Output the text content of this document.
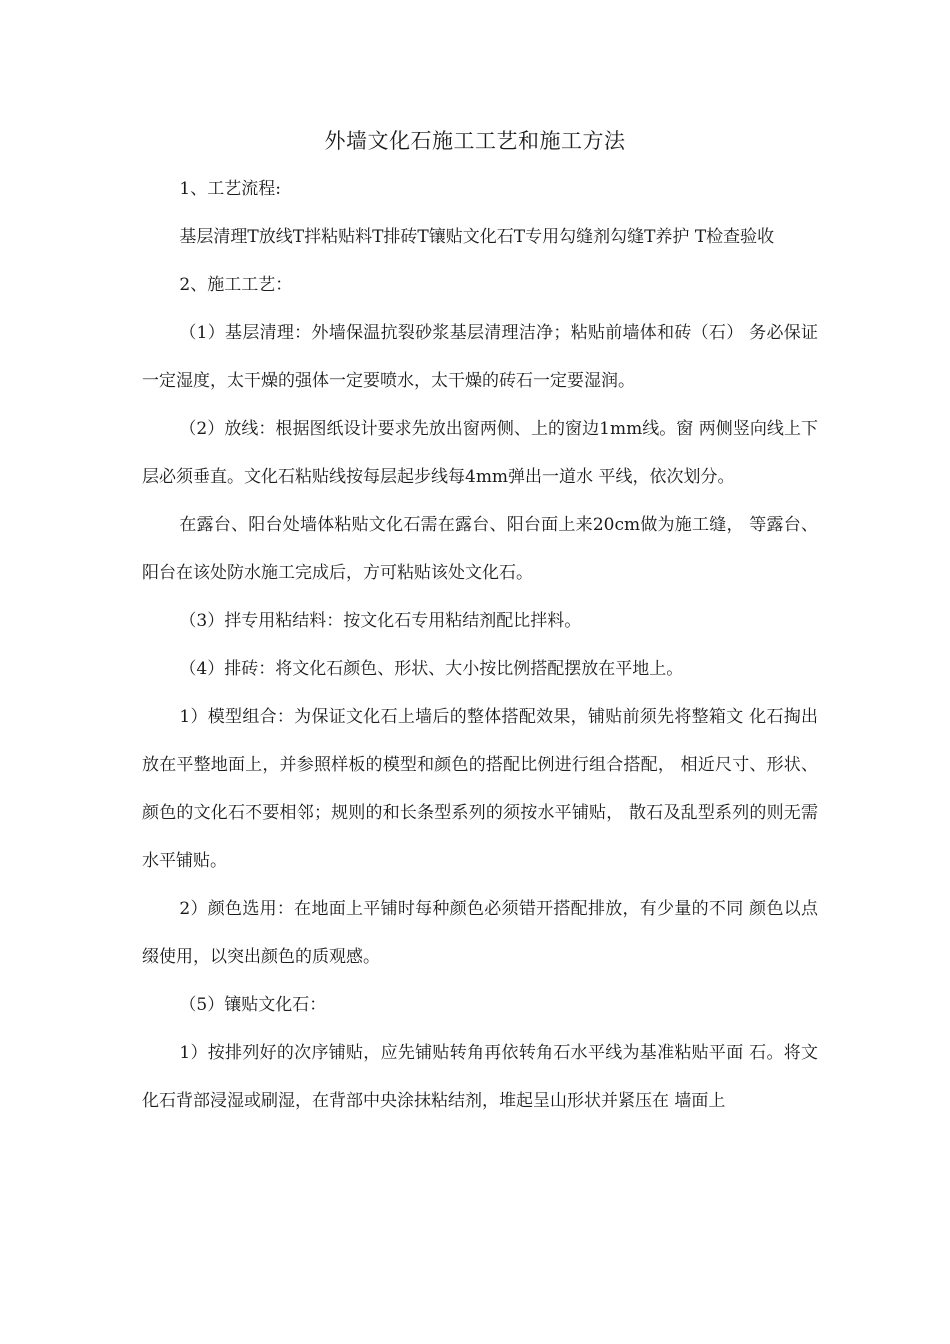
外墙文化石施工工艺和施工方法

1、工艺流程:

基层清理T放线T拌粘贴料T排砖T镶贴文化石T专用勾缝剂勾缝T养护 T检查验收

2、施工工艺：

（1）基层清理：外墙保温抗裂砂浆基层清理洁净；粘贴前墙体和砖（石） 务必保证一定湿度，太干燥的强体一定要喷水，太干燥的砖石一定要湿润。

（2）放线：根据图纸设计要求先放出窗两侧、上的窗边1mm线。窗 两侧竖向线上下层必须垂直。文化石粘贴线按每层起步线每4mm弹出一道水 平线，依次划分。

在露台、阳台处墙体粘贴文化石需在露台、阳台面上来20cm做为施工缝， 等露台、阳台在该处防水施工完成后，方可粘贴该处文化石。

（3）拌专用粘结料：按文化石专用粘结剂配比拌料。

（4）排砖：将文化石颜色、形状、大小按比例搭配摆放在平地上。

1）模型组合：为保证文化石上墙后的整体搭配效果，铺贴前须先将整箱文 化石掏出放在平整地面上，并参照样板的模型和颜色的搭配比例进行组合搭配， 相近尺寸、形状、颜色的文化石不要相邻；规则的和长条型系列的须按水平铺贴， 散石及乱型系列的则无需水平铺贴。

2）颜色选用：在地面上平铺时每种颜色必须错开搭配排放，有少量的不同 颜色以点缀使用，以突出颜色的质观感。

（5）镶贴文化石：

1）按排列好的次序铺贴，应先铺贴转角再依转角石水平线为基准粘贴平面 石。将文化石背部浸湿或刷湿，在背部中央涂抹粘结剂，堆起呈山形状并紧压在 墙面上
